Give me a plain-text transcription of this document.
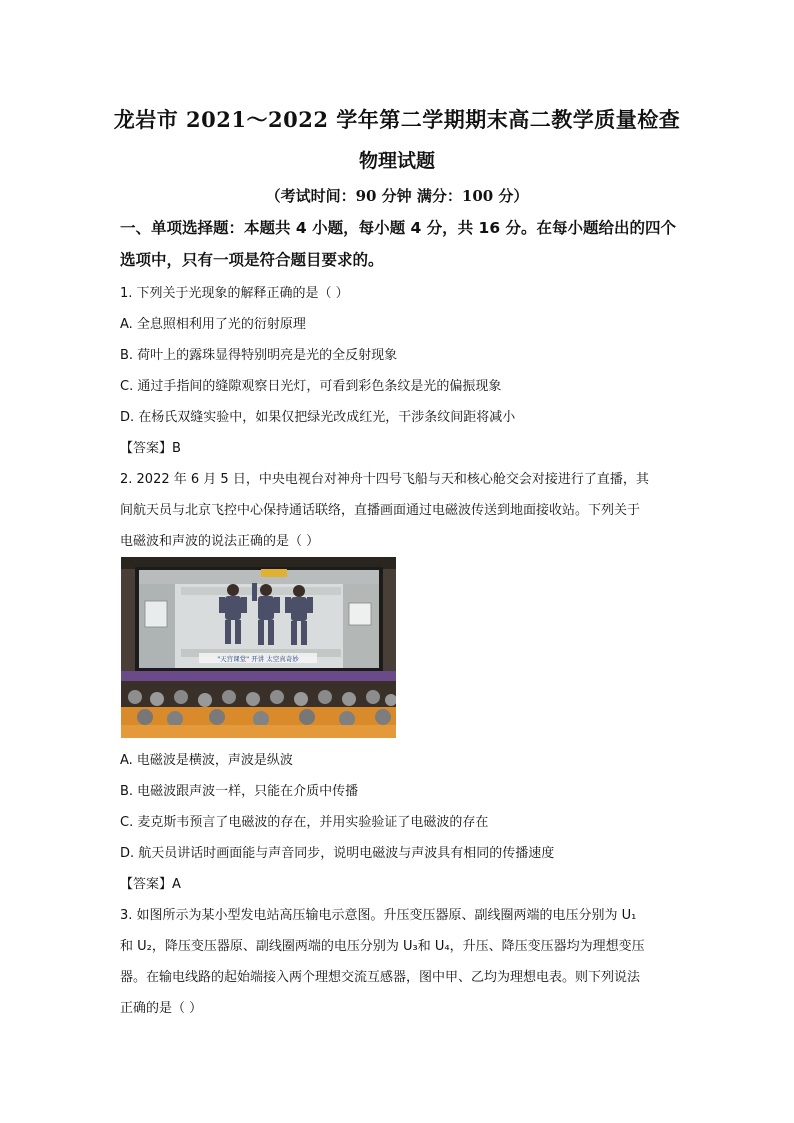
龙岩市 2021～2022 学年第二学期期末高二教学质量检查
物理试题
（考试时间：90 分钟 满分：100 分）
一、单项选择题：本题共 4 小题，每小题 4 分，共 16 分。在每小题给出的四个
选项中，只有一项是符合题目要求的。
1. 下列关于光现象的解释正确的是（ ）
A. 全息照相利用了光的衍射原理
B. 荷叶上的露珠显得特别明亮是光的全反射现象
C. 通过手指间的缝隙观察日光灯，可看到彩色条纹是光的偏振现象
D. 在杨氏双缝实验中，如果仅把绿光改成红光，干涉条纹间距将减小
【答案】B
2. 2022 年 6 月 5 日，中央电视台对神舟十四号飞船与天和核心舱交会对接进行了直播，其
间航天员与北京飞控中心保持通话联络，直播画面通过电磁波传送到地面接收站。下列关于
电磁波和声波的说法正确的是（ ）
"天宫课堂" 开讲 太空真奇妙
A. 电磁波是横波，声波是纵波
B. 电磁波跟声波一样，只能在介质中传播
C. 麦克斯韦预言了电磁波的存在，并用实验验证了电磁波的存在
D. 航天员讲话时画面能与声音同步，说明电磁波与声波具有相同的传播速度
【答案】A
3. 如图所示为某小型发电站高压输电示意图。升压变压器原、副线圈两端的电压分别为 U₁
和 U₂，降压变压器原、副线圈两端的电压分别为 U₃和 U₄，升压、降压变压器均为理想变压
器。在输电线路的起始端接入两个理想交流互感器，图中甲、乙均为理想电表。则下列说法
正确的是（ ）
